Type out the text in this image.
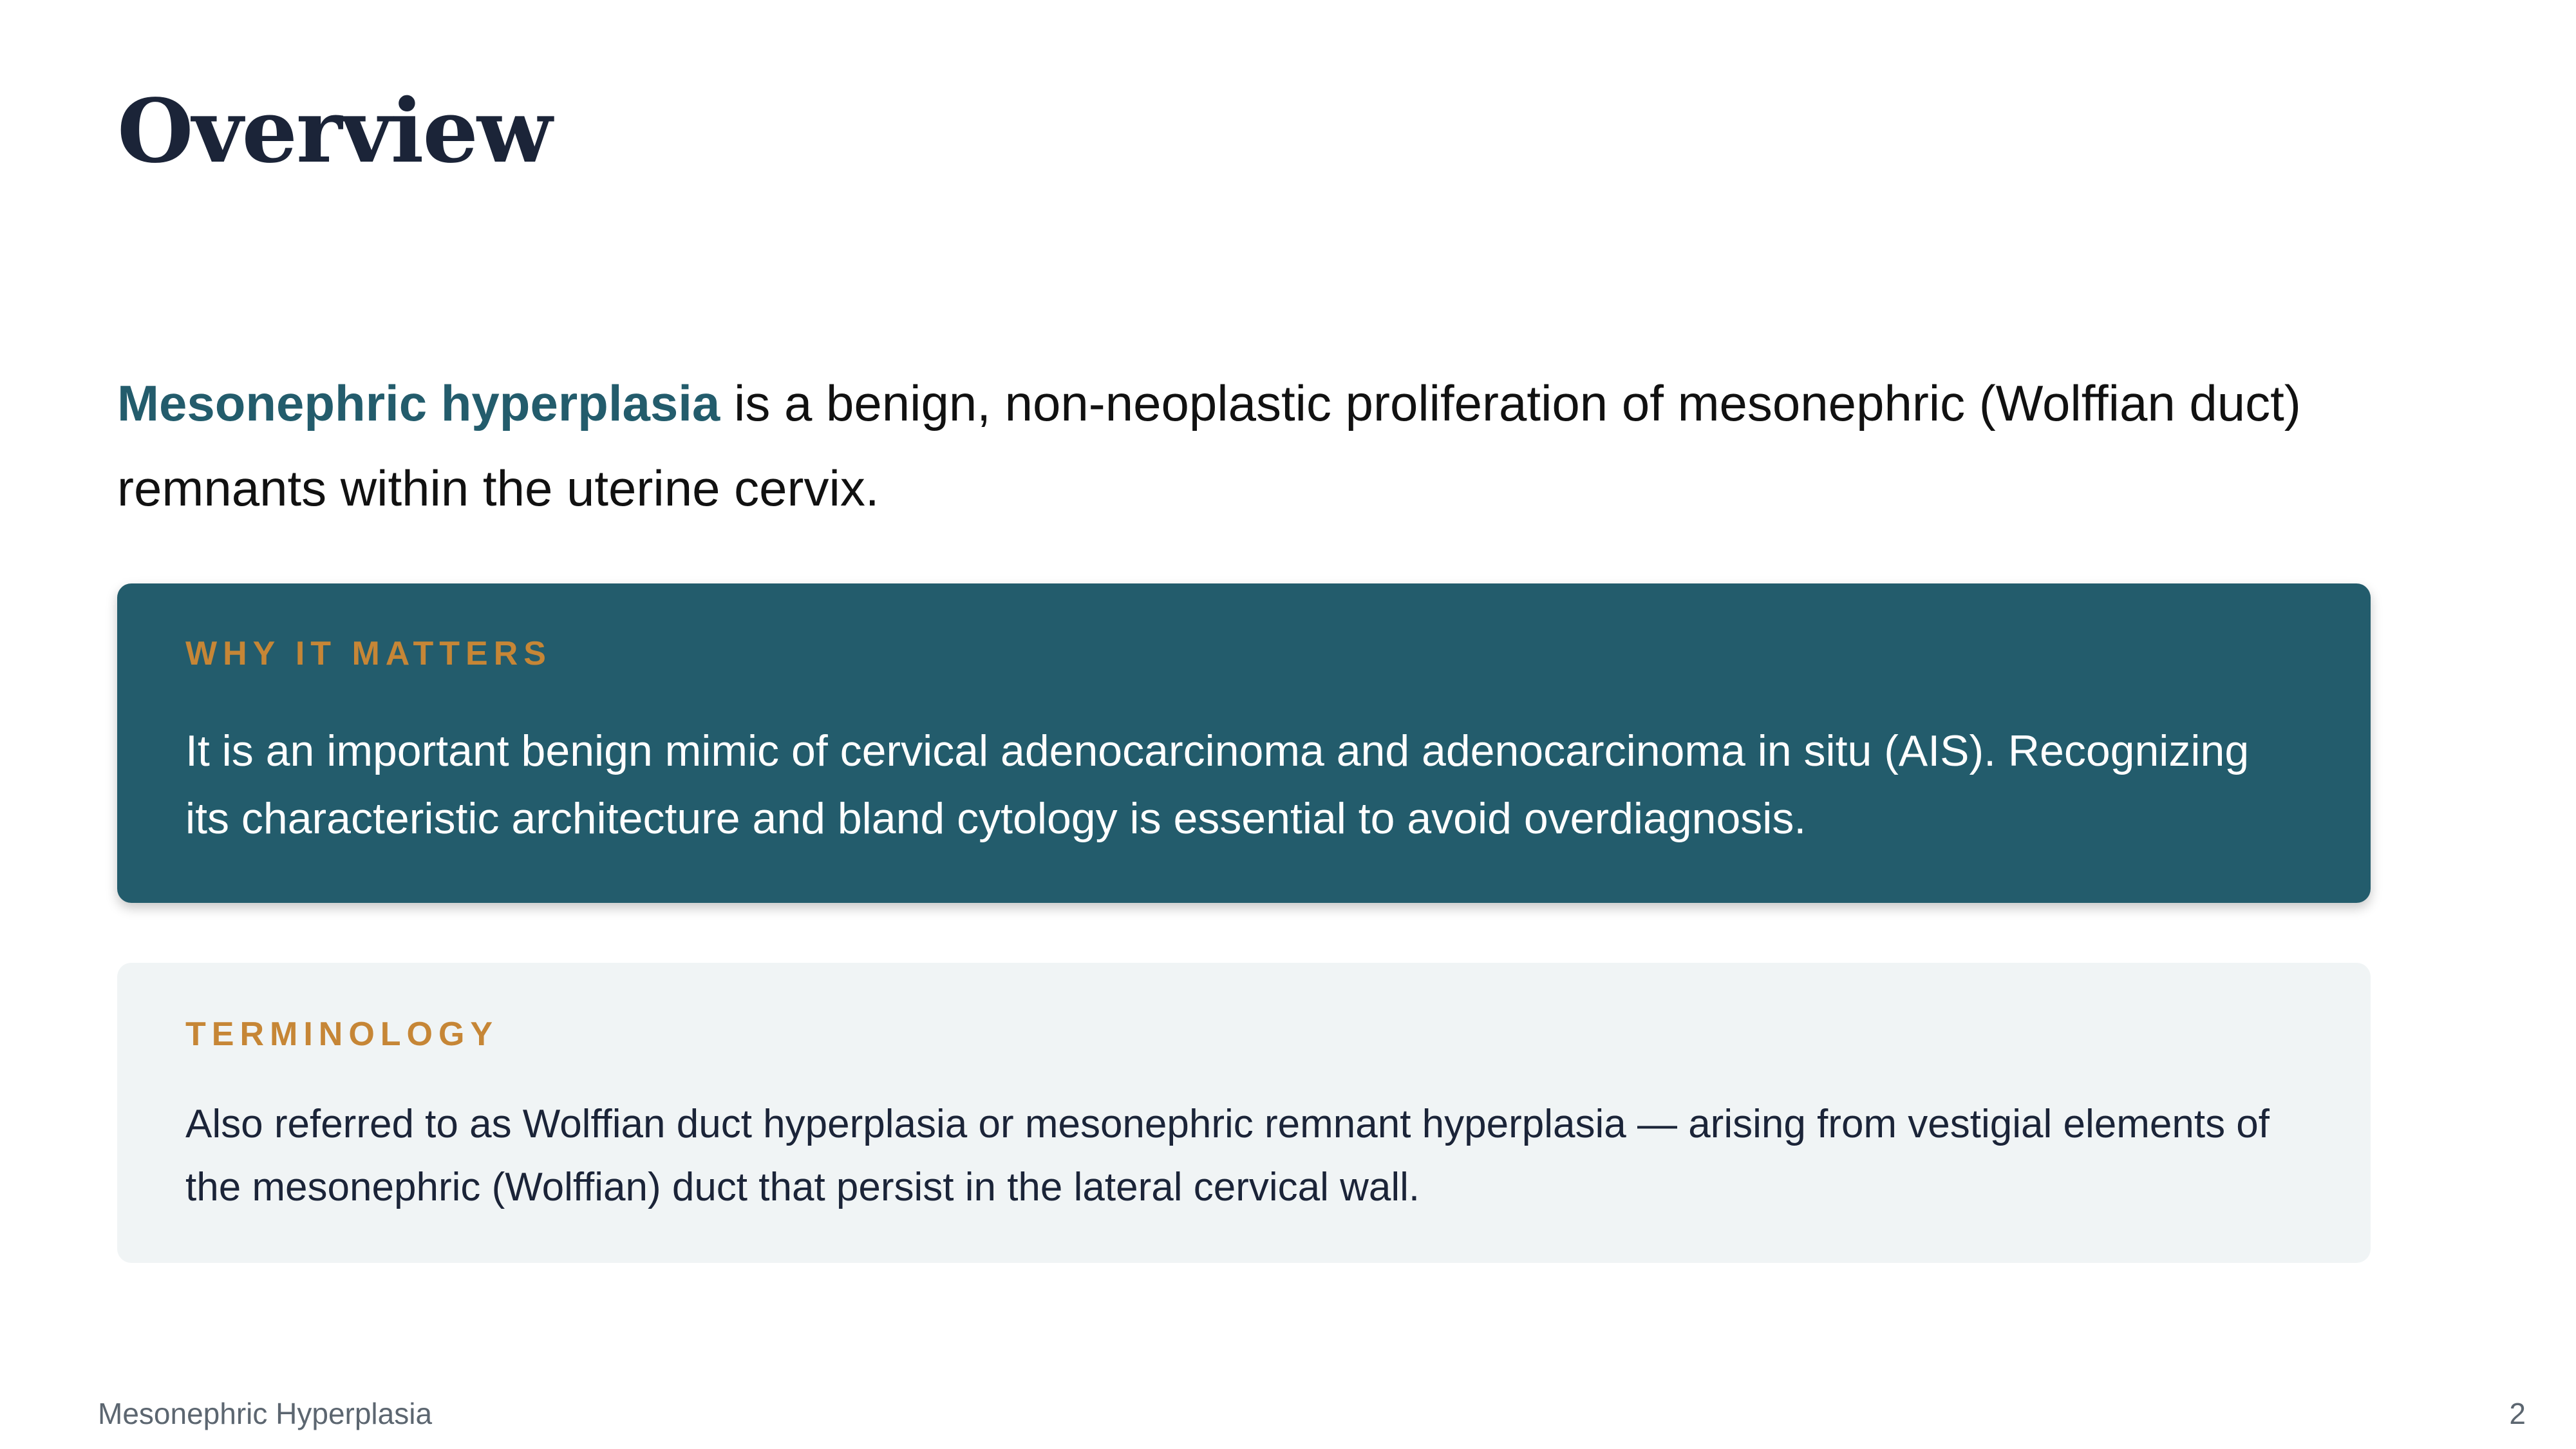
Overview

Mesonephric hyperplasia is a benign, non-neoplastic proliferation of mesonephric (Wolffian duct) remnants within the uterine cervix.

WHY IT MATTERS

It is an important benign mimic of cervical adenocarcinoma and adenocarcinoma in situ (AIS). Recognizing its characteristic architecture and bland cytology is essential to avoid overdiagnosis.

TERMINOLOGY

Also referred to as Wolffian duct hyperplasia or mesonephric remnant hyperplasia — arising from vestigial elements of the mesonephric (Wolffian) duct that persist in the lateral cervical wall.

Mesonephric Hyperplasia	2
